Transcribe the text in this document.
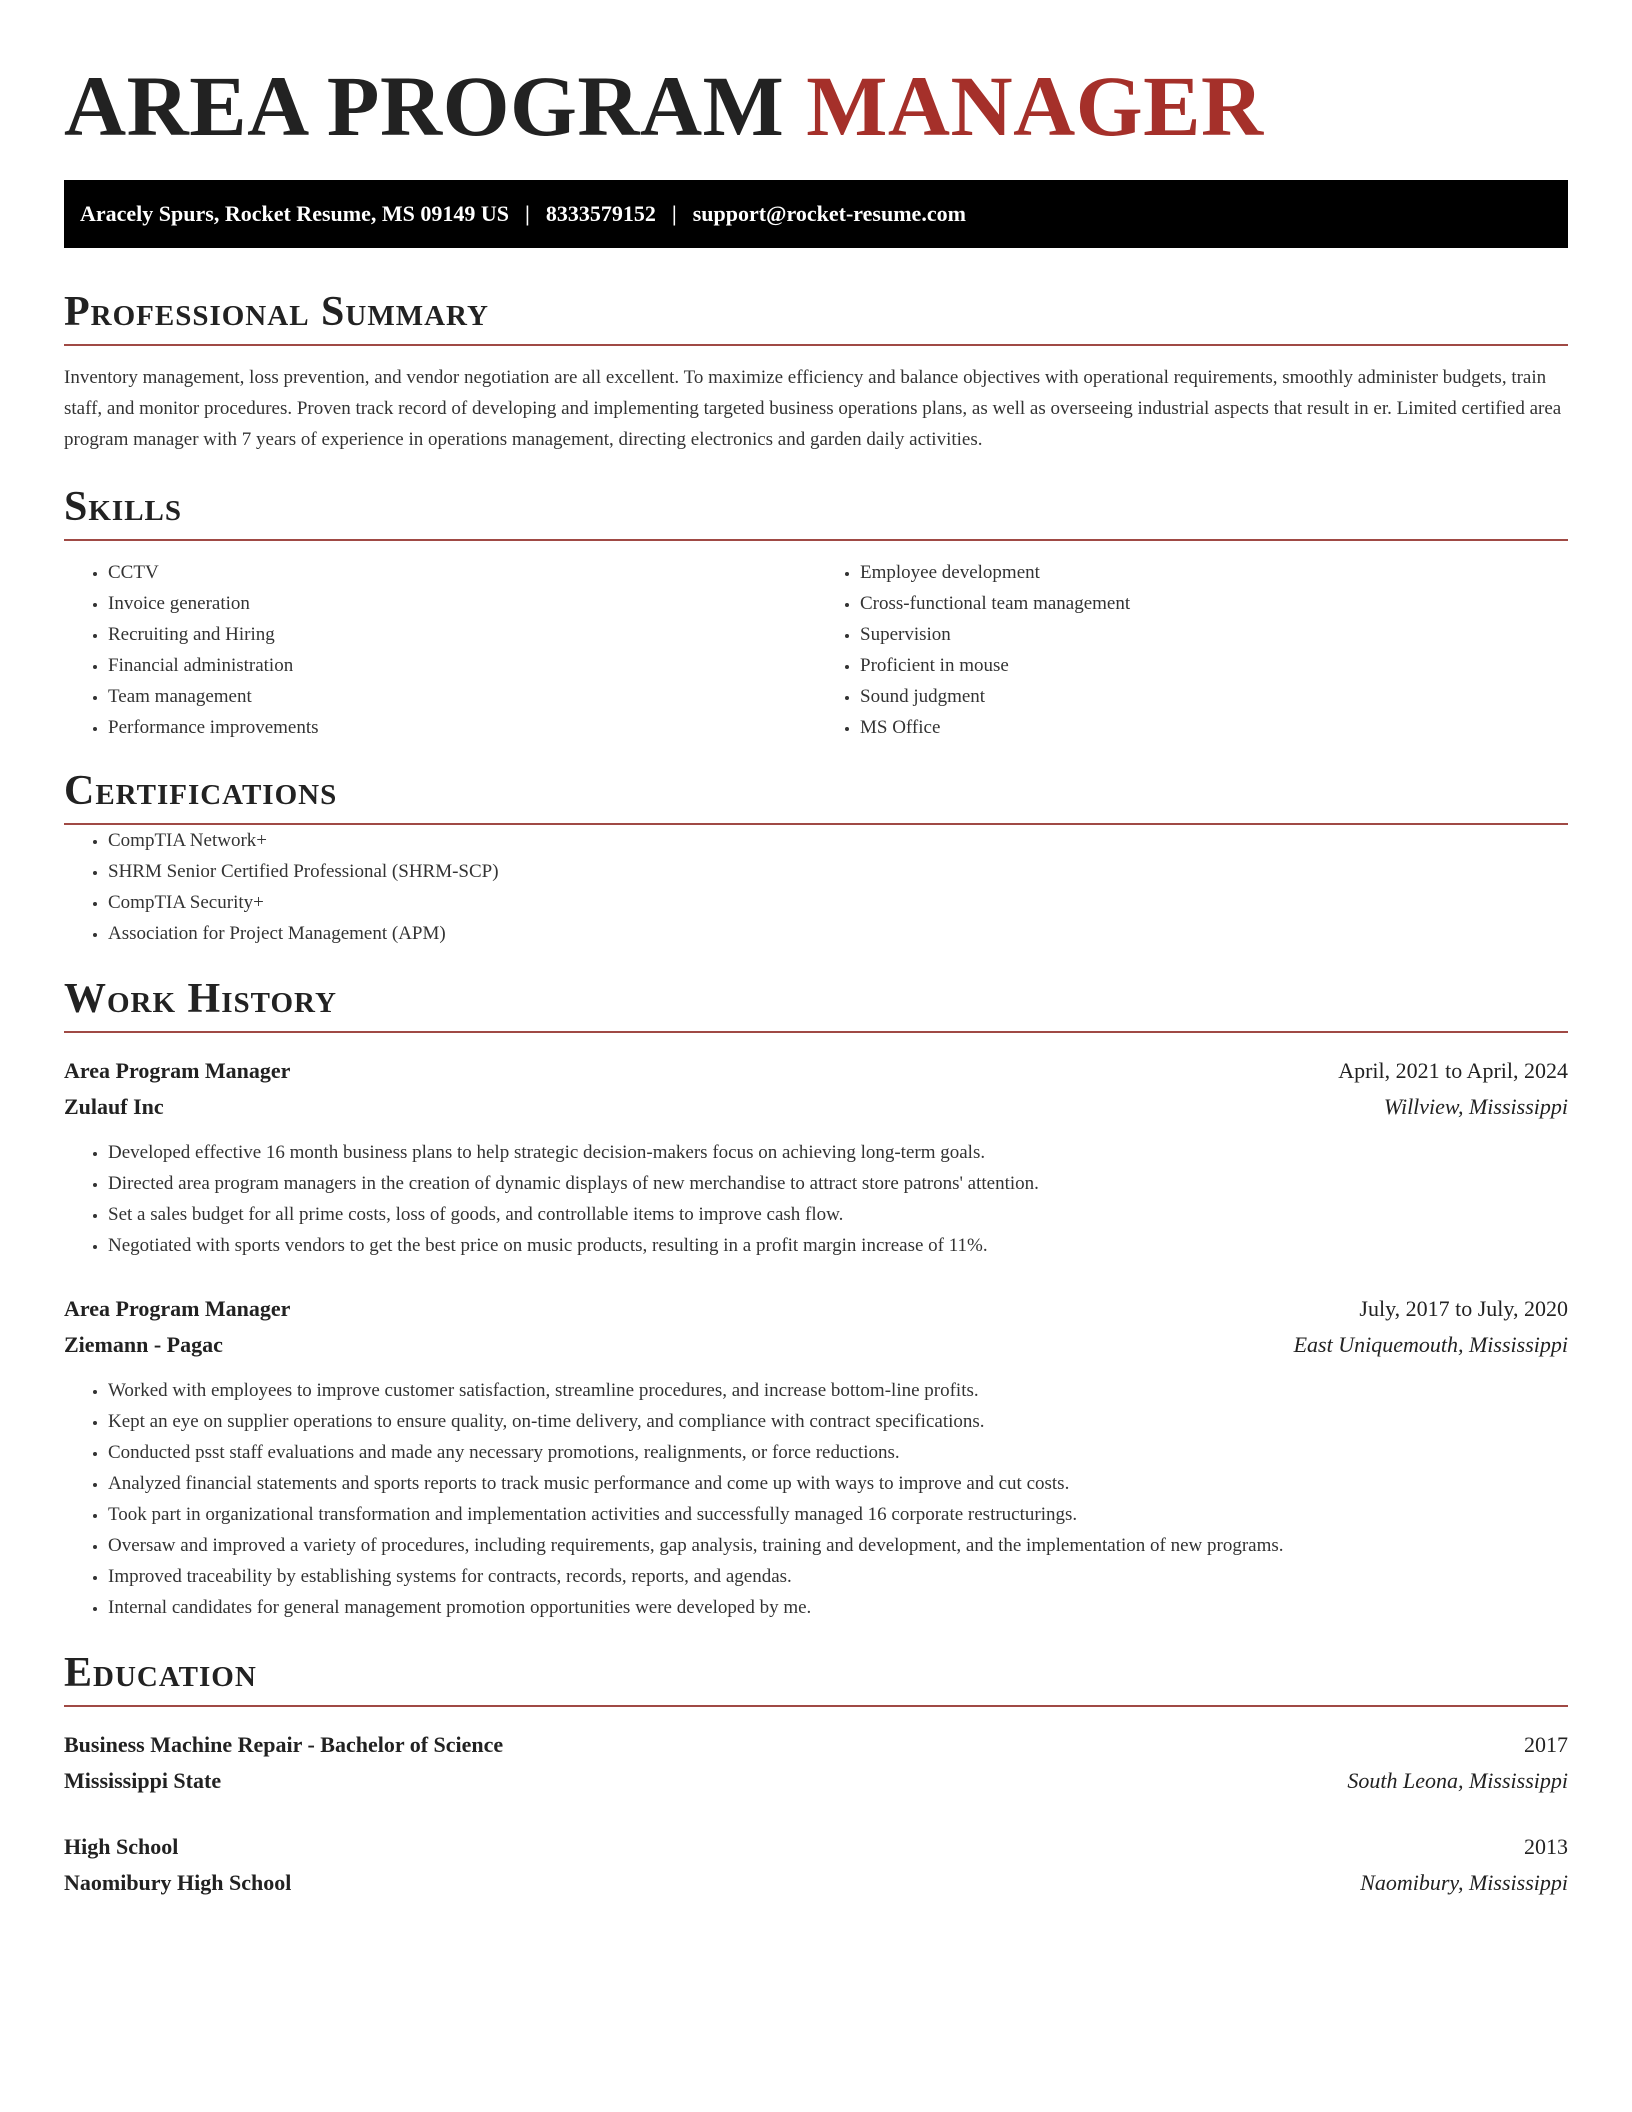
AREA PROGRAM MANAGER
Aracely Spurs, Rocket Resume, MS 09149 US | 8333579152 | support@rocket-resume.com
Professional Summary

Inventory management, loss prevention, and vendor negotiation are all excellent. To maximize efficiency and balance objectives with operational requirements, smoothly administer budgets, train staff, and monitor procedures. Proven track record of developing and implementing targeted business operations plans, as well as overseeing industrial aspects that result in er. Limited certified area program manager with 7 years of experience in operations management, directing electronics and garden daily activities.

Skills
• CCTV
• Invoice generation
• Recruiting and Hiring
• Financial administration
• Team management
• Performance improvements
• Employee development
• Cross-functional team management
• Supervision
• Proficient in mouse
• Sound judgment
• MS Office
Certifications
• CompTIA Network+
• SHRM Senior Certified Professional (SHRM-SCP)
• CompTIA Security+
• Association for Project Management (APM)
Work History
Area Program Manager	April, 2021 to April, 2024
Zulauf Inc	Willview, Mississippi
• Developed effective 16 month business plans to help strategic decision-makers focus on achieving long-term goals.
• Directed area program managers in the creation of dynamic displays of new merchandise to attract store patrons' attention.
• Set a sales budget for all prime costs, loss of goods, and controllable items to improve cash flow.
• Negotiated with sports vendors to get the best price on music products, resulting in a profit margin increase of 11%.
Area Program Manager	July, 2017 to July, 2020
Ziemann - Pagac	East Uniquemouth, Mississippi
• Worked with employees to improve customer satisfaction, streamline procedures, and increase bottom-line profits.
• Kept an eye on supplier operations to ensure quality, on-time delivery, and compliance with contract specifications.
• Conducted psst staff evaluations and made any necessary promotions, realignments, or force reductions.
• Analyzed financial statements and sports reports to track music performance and come up with ways to improve and cut costs.
• Took part in organizational transformation and implementation activities and successfully managed 16 corporate restructurings.
• Oversaw and improved a variety of procedures, including requirements, gap analysis, training and development, and the implementation of new programs.
• Improved traceability by establishing systems for contracts, records, reports, and agendas.
• Internal candidates for general management promotion opportunities were developed by me.
Education
Business Machine Repair - Bachelor of Science	2017
Mississippi State	South Leona, Mississippi
High School	2013
Naomibury High School	Naomibury, Mississippi
